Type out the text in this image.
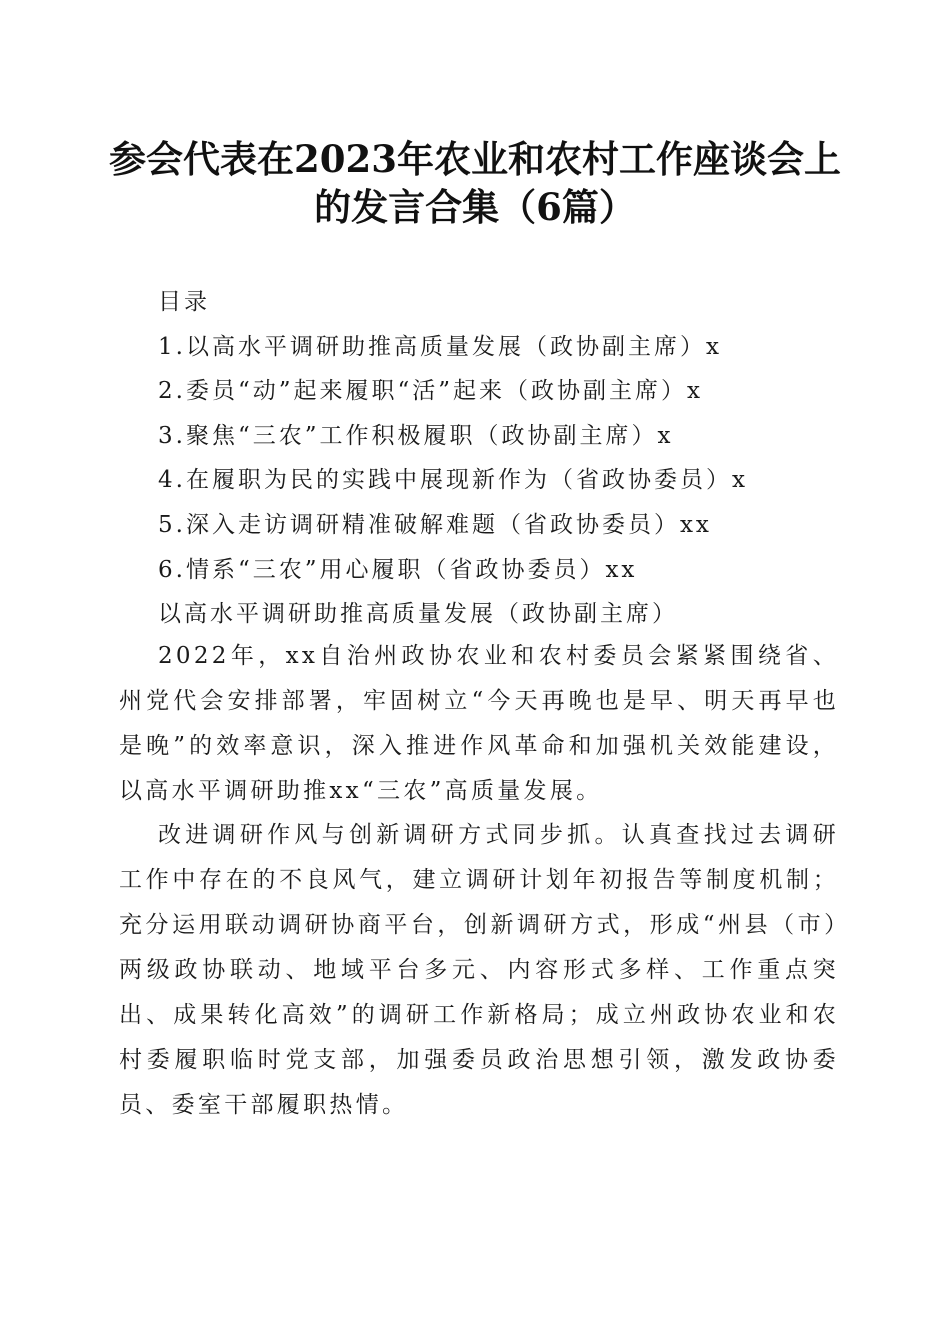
参会代表在2023年农业和农村工作座谈会上
的发言合集（6篇）
目录
1.以高水平调研助推高质量发展（政协副主席）x
2.委员“动”起来履职“活”起来（政协副主席）x
3.聚焦“三农”工作积极履职（政协副主席）x
4.在履职为民的实践中展现新作为（省政协委员）x
5.深入走访调研精准破解难题（省政协委员）xx
6.情系“三农”用心履职（省政协委员）xx
以高水平调研助推高质量发展（政协副主席）

2022年，xx自治州政协农业和农村委员会紧紧围绕省、州党代会安排部署，牢固树立“今天再晚也是早、明天再早也是晚”的效率意识，深入推进作风革命和加强机关效能建设，以高水平调研助推xx“三农”高质量发展。

改进调研作风与创新调研方式同步抓。认真查找过去调研工作中存在的不良风气，建立调研计划年初报告等制度机制；充分运用联动调研协商平台，创新调研方式，形成“州县（市）两级政协联动、地域平台多元、内容形式多样、工作重点突出、成果转化高效”的调研工作新格局；成立州政协农业和农村委履职临时党支部，加强委员政治思想引领，激发政协委员、委室干部履职热情。
